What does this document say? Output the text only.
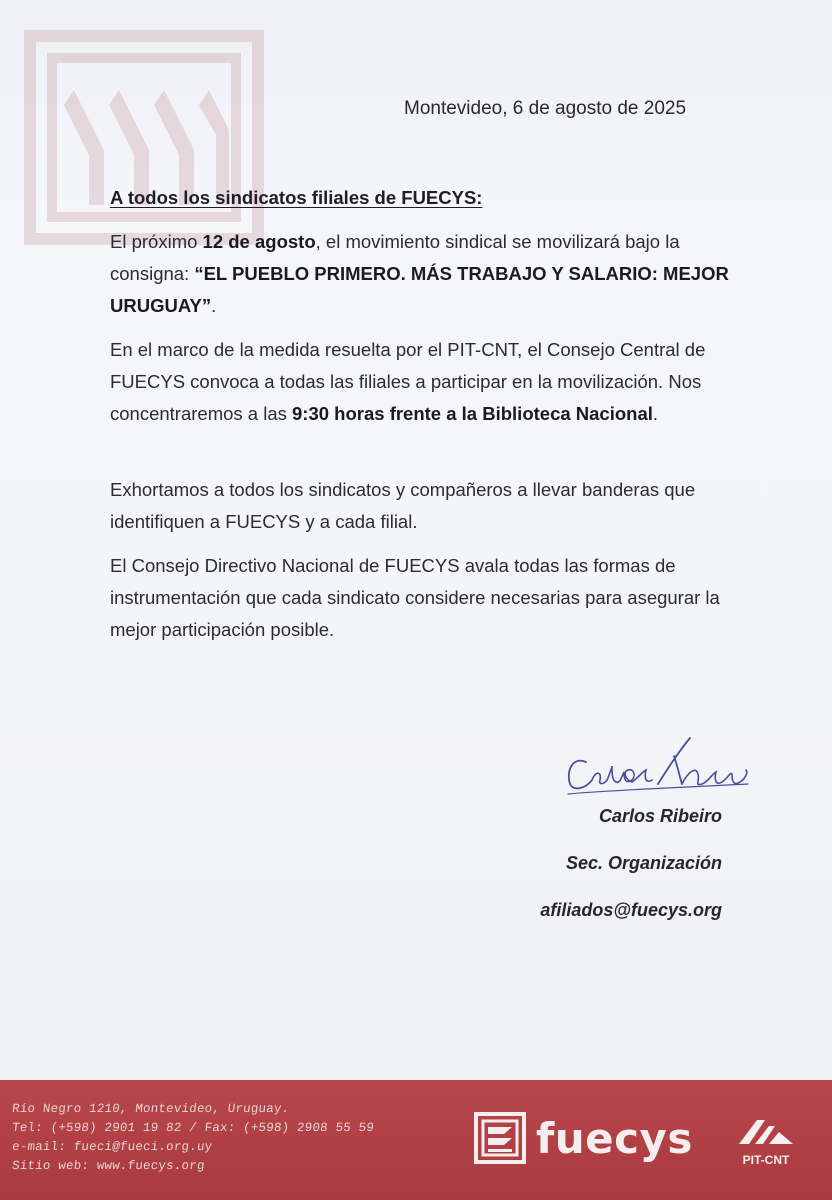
Montevideo, 6 de agosto de 2025
A todos los sindicatos filiales de FUECYS:
El próximo 12 de agosto, el movimiento sindical se movilizará bajo la consigna: “EL PUEBLO PRIMERO. MÁS TRABAJO Y SALARIO: MEJOR URUGUAY”.
En el marco de la medida resuelta por el PIT-CNT, el Consejo Central de FUECYS convoca a todas las filiales a participar en la movilización. Nos concentraremos a las 9:30 horas frente a la Biblioteca Nacional.
Exhortamos a todos los sindicatos y compañeros a llevar banderas que identifiquen a FUECYS y a cada filial.
El Consejo Directivo Nacional de FUECYS avala todas las formas de instrumentación que cada sindicato considere necesarias para asegurar la mejor participación posible.
Carlos Ribeiro
Sec. Organización
afiliados@fuecys.org
Río Negro 1210, Montevideo, Uruguay.
Tel: (+598) 2901 19 82 / Fax: (+598) 2908 55 59
e-mail: fueci@fueci.org.uy
Sitio web: www.fuecys.org
fuecys	PIT-CNT
